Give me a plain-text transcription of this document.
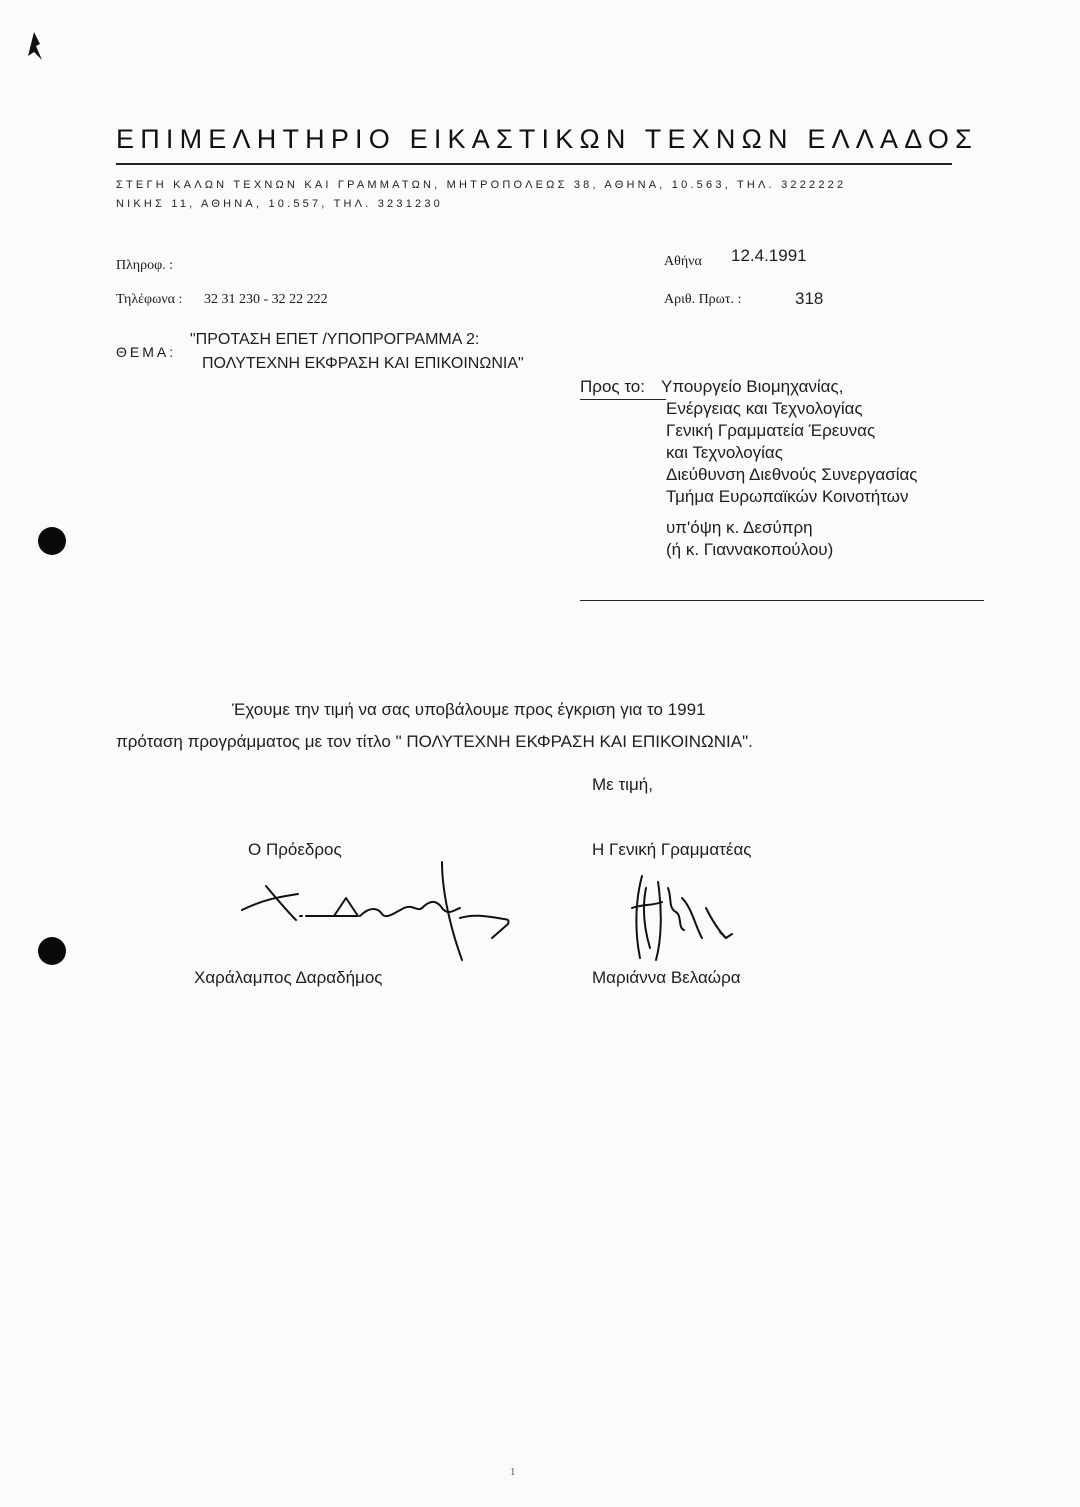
ΕΠΙΜΕΛΗΤΗΡΙΟ ΕΙΚΑΣΤΙΚΩΝ ΤΕΧΝΩΝ ΕΛΛΑΔΟΣ
ΣΤΕΓΗ ΚΑΛΩΝ ΤΕΧΝΩΝ ΚΑΙ ΓΡΑΜΜΑΤΩΝ, ΜΗΤΡΟΠΟΛΕΩΣ 38, ΑΘΗΝΑ, 10.563, ΤΗΛ. 3222222
ΝΙΚΗΣ 11, ΑΘΗΝΑ, 10.557, ΤΗΛ. 3231230
Πληροφ. :
Τηλέφωνα : 32 31 230 - 32 22 222
Αθήνα 12.4.1991
Αριθ. Πρωτ. :	318
ΘΕΜΑ:
"ΠΡΟΤΑΣΗ ΕΠΕΤ /ΥΠΟΠΡΟΓΡΑΜΜΑ 2:
ΠΟΛΥΤΕΧΝΗ ΕΚΦΡΑΣΗ ΚΑΙ ΕΠΙΚΟΙΝΩΝΙΑ"
Προς το: Υπουργείο Βιομηχανίας,
Ενέργειας και Τεχνολογίας
Γενική Γραμματεία Έρευνας
και Τεχνολογίας
Διεύθυνση Διεθνούς Συνεργασίας
Τμήμα Ευρωπαϊκών Κοινοτήτων
υπ'όψη κ. Δεσύπρη
(ή κ. Γιαννακοπούλου)
Έχουμε την τιμή να σας υποβάλουμε προς έγκριση για το 1991
πρόταση προγράμματος με τον τίτλο " ΠΟΛΥΤΕΧΝΗ ΕΚΦΡΑΣΗ ΚΑΙ ΕΠΙΚΟΙΝΩΝΙΑ".
Με τιμή,
Ο Πρόεδρος	Η Γενική Γραμματέας
Χαράλαμπος Δαραδήμος	Μαριάννα Βελαώρα
1
